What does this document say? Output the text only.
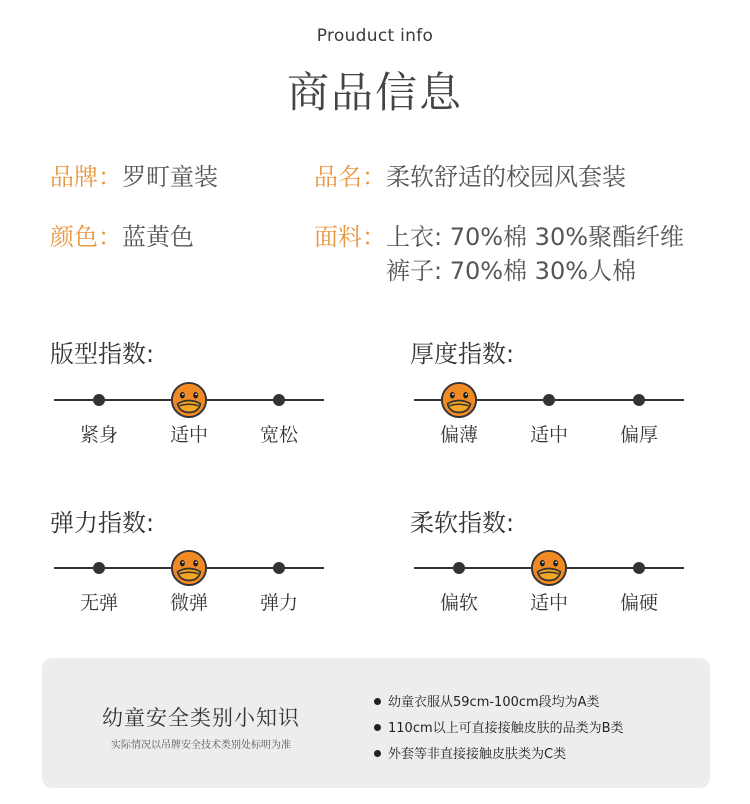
Prouduct info
商品信息
品牌：罗町童装	品名：柔软舒适的校园风套装
颜色：蓝黄色	面料： 上衣: 70%棉 30%聚酯纤维
裤子: 70%棉 30%人棉
版型指数:
紧身	适中	宽松
厚度指数:
偏薄	适中	偏厚
弹力指数:
无弹	微弹	弹力
柔软指数:
偏软	适中	偏硬
幼童安全类别小知识
实际情况以吊牌安全技术类别处标明为准
幼童衣服从59cm-100cm段均为A类
110cm以上可直接接触皮肤的品类为B类
外套等非直接接触皮肤类为C类
